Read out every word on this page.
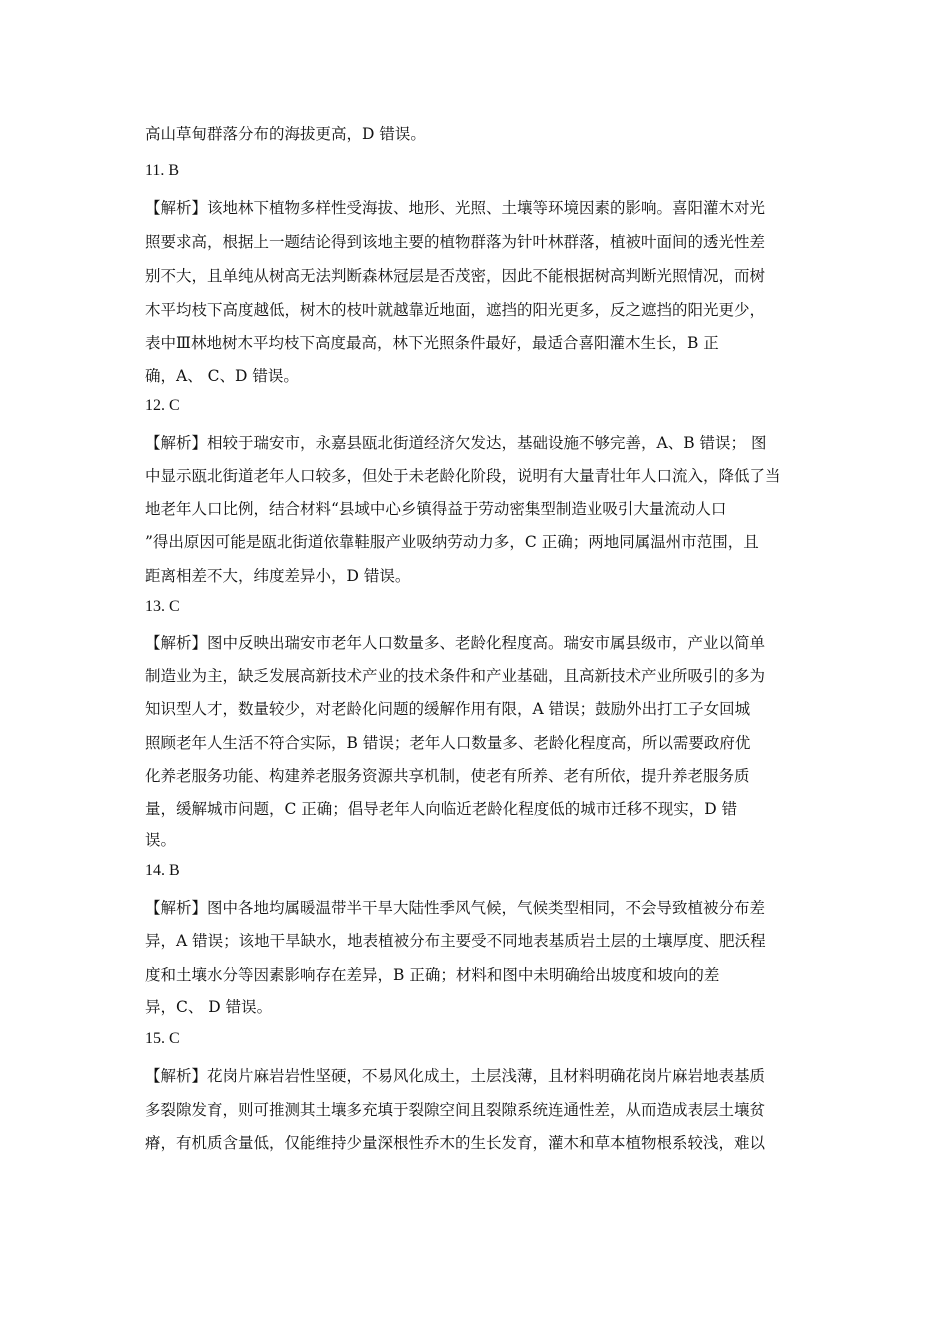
高山草甸群落分布的海拔更高，D 错误。
11. B
【解析】该地林下植物多样性受海拔、地形、光照、土壤等环境因素的影响。喜阳灌木对光
照要求高，根据上一题结论得到该地主要的植物群落为针叶林群落，植被叶面间的透光性差
别不大，且单纯从树高无法判断森林冠层是否茂密，因此不能根据树高判断光照情况，而树
木平均枝下高度越低，树木的枝叶就越靠近地面，遮挡的阳光更多，反之遮挡的阳光更少，
表中Ⅲ林地树木平均枝下高度最高，林下光照条件最好，最适合喜阳灌木生长，B 正
确，A、 C、D 错误。
12. C
【解析】相较于瑞安市，永嘉县瓯北街道经济欠发达，基础设施不够完善，A、B 错误； 图
中显示瓯北街道老年人口较多，但处于未老龄化阶段，说明有大量青壮年人口流入，降低了当
地老年人口比例，结合材料“县域中心乡镇得益于劳动密集型制造业吸引大量流动人口
”得出原因可能是瓯北街道依靠鞋服产业吸纳劳动力多，C 正确；两地同属温州市范围，且
距离相差不大，纬度差异小，D 错误。
13. C
【解析】图中反映出瑞安市老年人口数量多、老龄化程度高。瑞安市属县级市，产业以简单
制造业为主，缺乏发展高新技术产业的技术条件和产业基础，且高新技术产业所吸引的多为
知识型人才，数量较少，对老龄化问题的缓解作用有限，A 错误；鼓励外出打工子女回城
照顾老年人生活不符合实际，B 错误；老年人口数量多、老龄化程度高，所以需要政府优
化养老服务功能、构建养老服务资源共享机制，使老有所养、老有所依，提升养老服务质
量，缓解城市问题，C 正确；倡导老年人向临近老龄化程度低的城市迁移不现实，D 错
误。
14. B
【解析】图中各地均属暖温带半干旱大陆性季风气候，气候类型相同，不会导致植被分布差
异，A 错误；该地干旱缺水，地表植被分布主要受不同地表基质岩土层的土壤厚度、肥沃程
度和土壤水分等因素影响存在差异，B 正确；材料和图中未明确给出坡度和坡向的差
异，C、 D 错误。
15. C
【解析】花岗片麻岩岩性坚硬，不易风化成土，土层浅薄，且材料明确花岗片麻岩地表基质
多裂隙发育，则可推测其土壤多充填于裂隙空间且裂隙系统连通性差，从而造成表层土壤贫
瘠，有机质含量低，仅能维持少量深根性乔木的生长发育，灌木和草本植物根系较浅，难以
